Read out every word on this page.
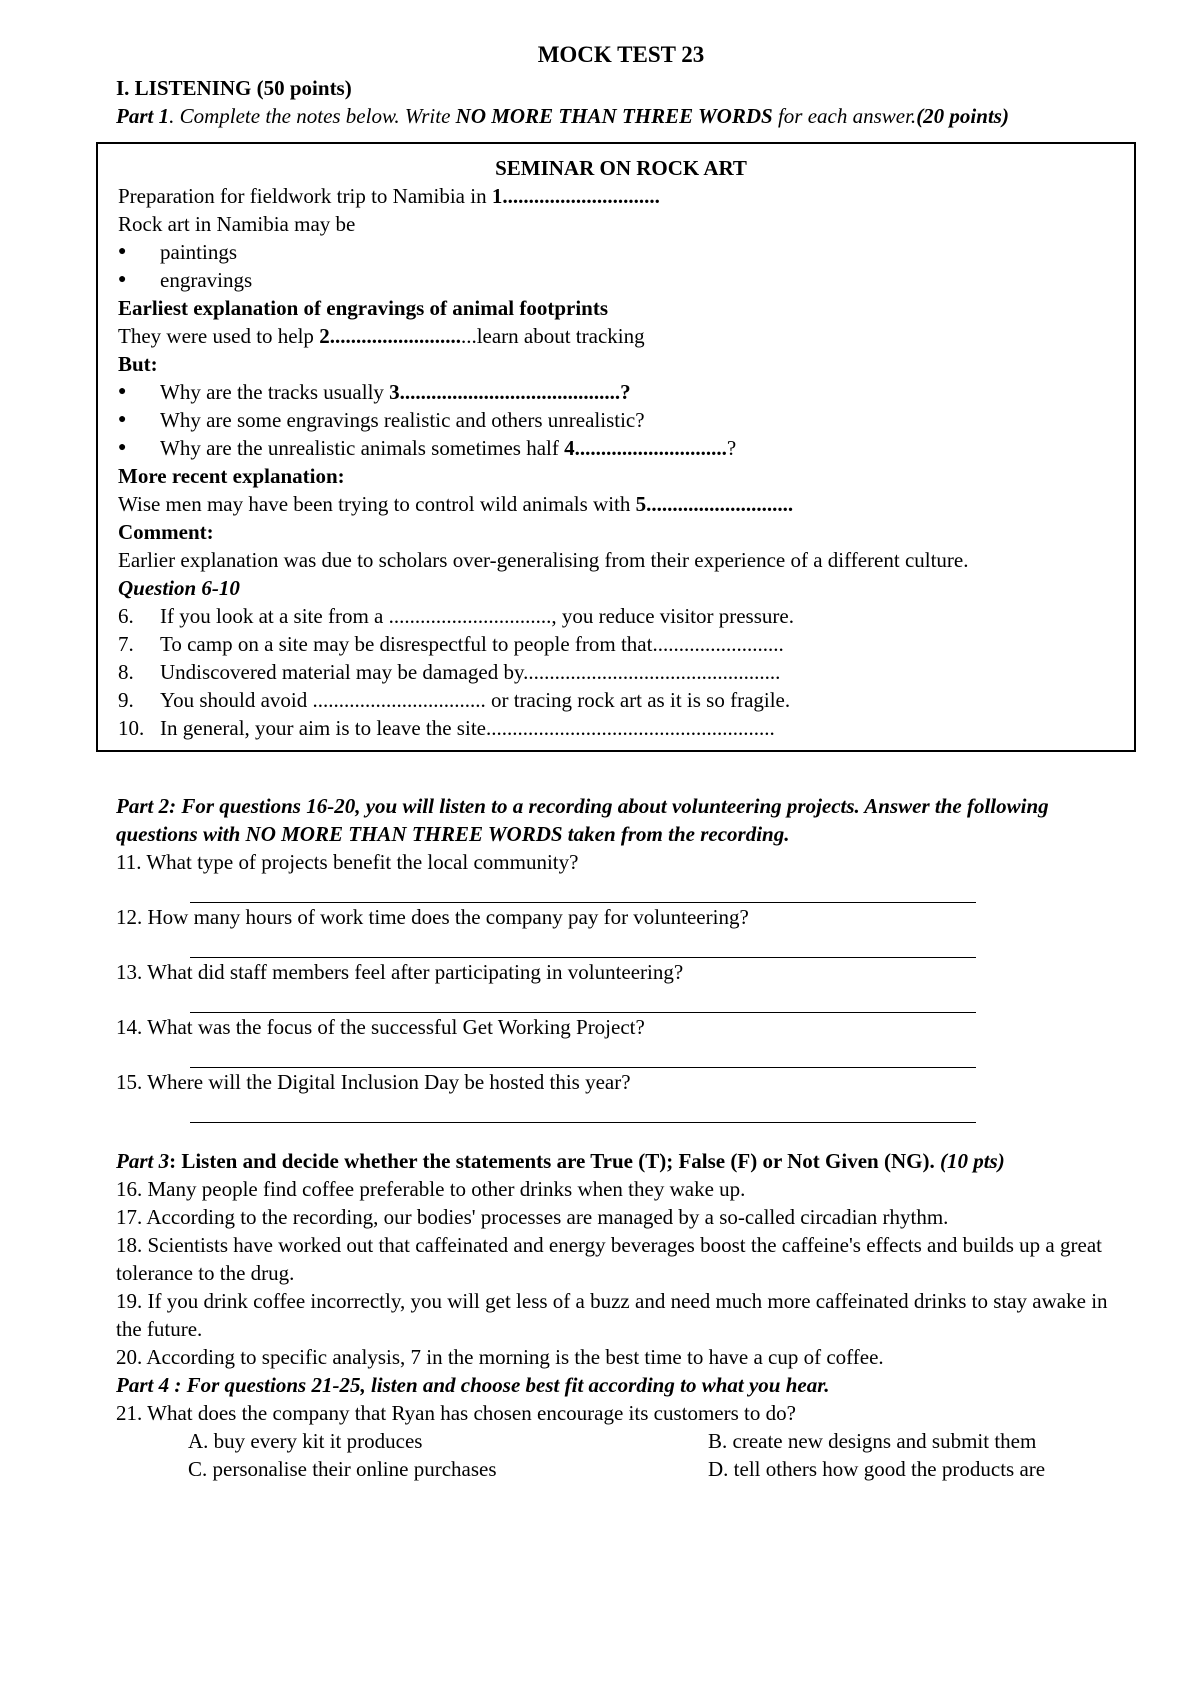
MOCK TEST 23

I. LISTENING (50 points)

Part 1. Complete the notes below. Write NO MORE THAN THREE WORDS for each answer.(20 points)

SEMINAR ON ROCK ART

Preparation for fieldwork trip to Namibia in 1..............................

Rock art in Namibia may be

●	paintings
●	engravings

Earliest explanation of engravings of animal footprints

They were used to help 2............................learn about tracking

But:

●	Why are the tracks usually 3..........................................?
●	Why are some engravings realistic and others unrealistic?
●	Why are the unrealistic animals sometimes half 4.............................?

More recent explanation:

Wise men may have been trying to control wild animals with 5............................

Comment:

Earlier explanation was due to scholars over-generalising from their experience of a different culture.

Question 6-10

6.	If you look at a site from a ..............................., you reduce visitor pressure.
7.	To camp on a site may be disrespectful to people from that.........................
8.	Undiscovered material may be damaged by.................................................
9.	You should avoid ................................. or tracing rock art as it is so fragile.
10. In general, your aim is to leave the site.......................................................

Part 2: For questions 16-20, you will listen to a recording about volunteering projects. Answer the following questions with NO MORE THAN THREE WORDS taken from the recording.

11. What type of projects benefit the local community?

12. How many hours of work time does the company pay for volunteering?

13. What did staff members feel after participating in volunteering?

14. What was the focus of the successful Get Working Project?

15. Where will the Digital Inclusion Day be hosted this year?

Part 3: Listen and decide whether the statements are True (T); False (F) or Not Given (NG). (10 pts)

16. Many people find coffee preferable to other drinks when they wake up.

17. According to the recording, our bodies' processes are managed by a so-called circadian rhythm.

18. Scientists have worked out that caffeinated and energy beverages boost the caffeine's effects and builds up a great tolerance to the drug.

19. If you drink coffee incorrectly, you will get less of a buzz and need much more caffeinated drinks to stay awake in the future.

20. According to specific analysis, 7 in the morning is the best time to have a cup of coffee.

Part 4 : For questions 21-25, listen and choose best fit according to what you hear.

21. What does the company that Ryan has chosen encourage its customers to do?

A. buy every kit it produces	B. create new designs and submit them
C. personalise their online purchases	D. tell others how good the products are
